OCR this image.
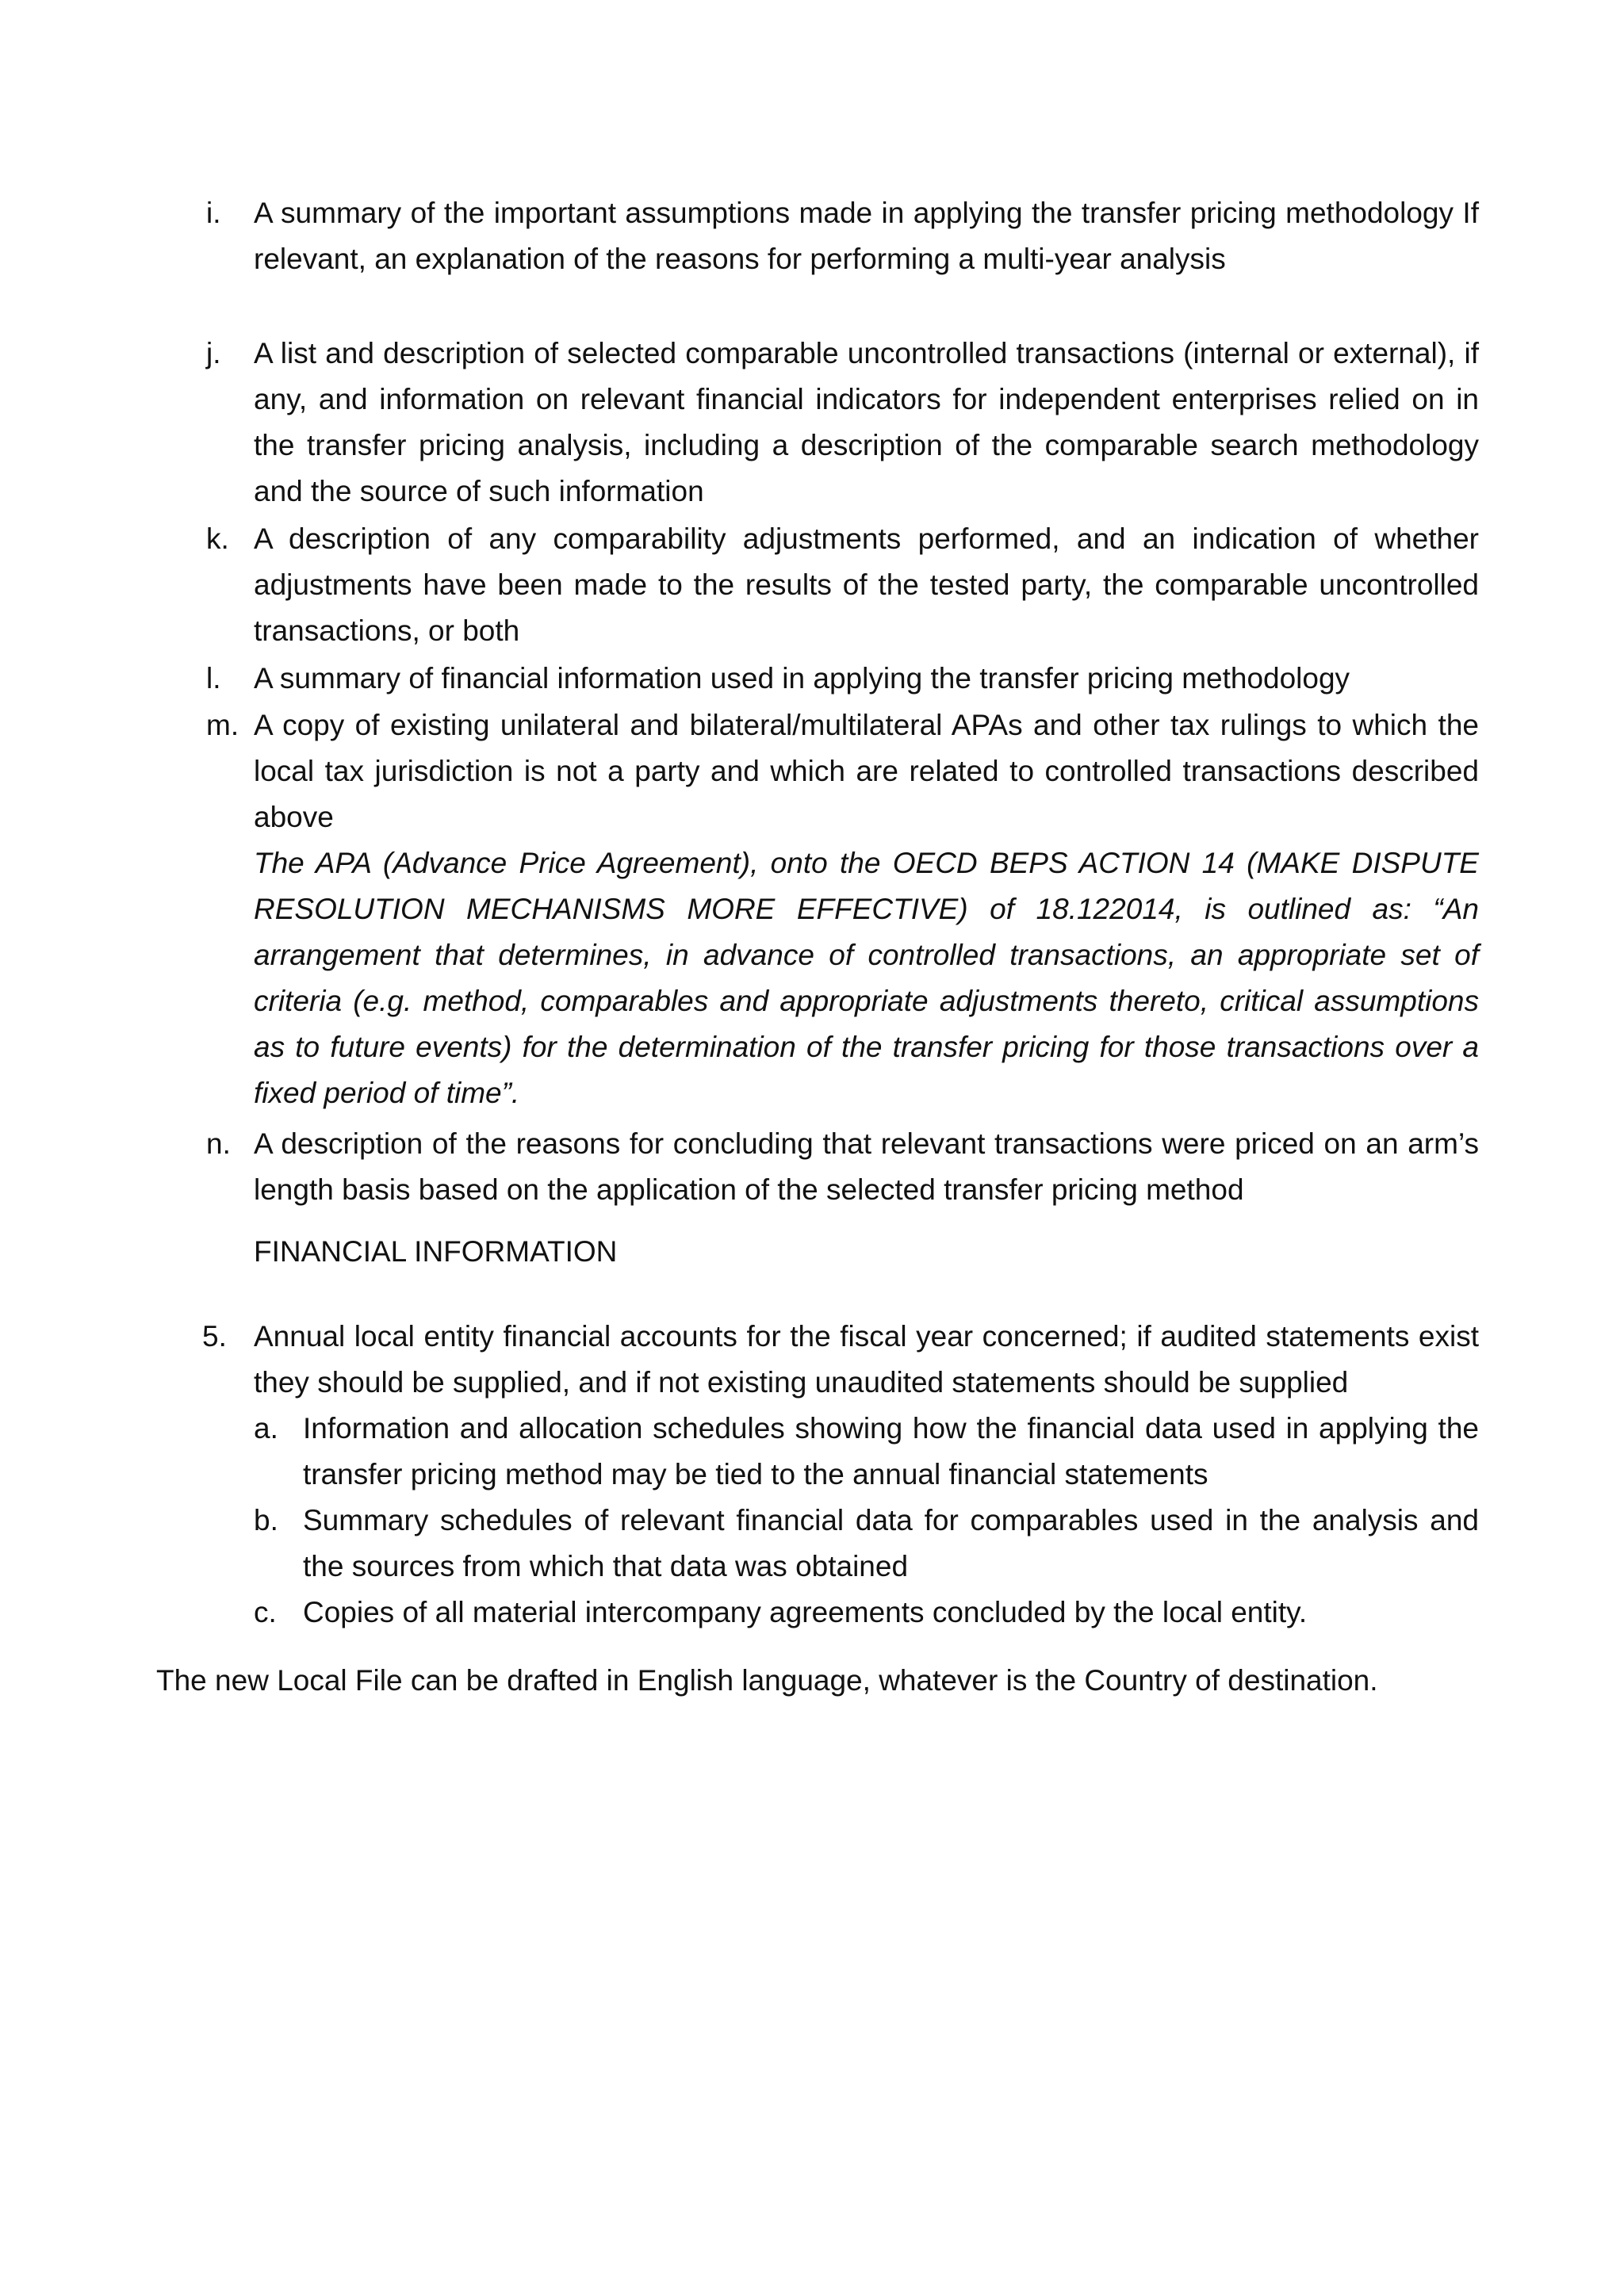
i.	A summary of the important assumptions made in applying the transfer pricing methodology If relevant, an explanation of the reasons for performing a multi-year analysis
j.	A list and description of selected comparable uncontrolled transactions (internal or external), if any, and information on relevant financial indicators for independent enterprises relied on in the transfer pricing analysis, including a description of the comparable search methodology and the source of such information
k. A description of any comparability adjustments performed, and an indication of whether adjustments have been made to the results of the tested party, the comparable uncontrolled transactions, or both
l.	A summary of financial information used in applying the transfer pricing methodology
m. A copy of existing unilateral and bilateral/multilateral APAs and other tax rulings to which the local tax jurisdiction is not a party and which are related to controlled transactions described above
The APA (Advance Price Agreement), onto the OECD BEPS ACTION 14 (MAKE DISPUTE RESOLUTION MECHANISMS MORE EFFECTIVE) of 18.122014, is outlined as: “An arrangement that determines, in advance of controlled transactions, an appropriate set of criteria (e.g. method, comparables and appropriate adjustments thereto, critical assumptions as to future events) for the determination of the transfer pricing for those transactions over a fixed period of time”.
n. A description of the reasons for concluding that relevant transactions were priced on an arm’s length basis based on the application of the selected transfer pricing method
FINANCIAL INFORMATION
5. Annual local entity financial accounts for the fiscal year concerned; if audited statements exist they should be supplied, and if not existing unaudited statements should be supplied
a. Information and allocation schedules showing how the financial data used in applying the transfer pricing method may be tied to the annual financial statements
b. Summary schedules of relevant financial data for comparables used in the analysis and the sources from which that data was obtained
c. Copies of all material intercompany agreements concluded by the local entity.
The new Local File can be drafted in English language, whatever is the Country of destination.
